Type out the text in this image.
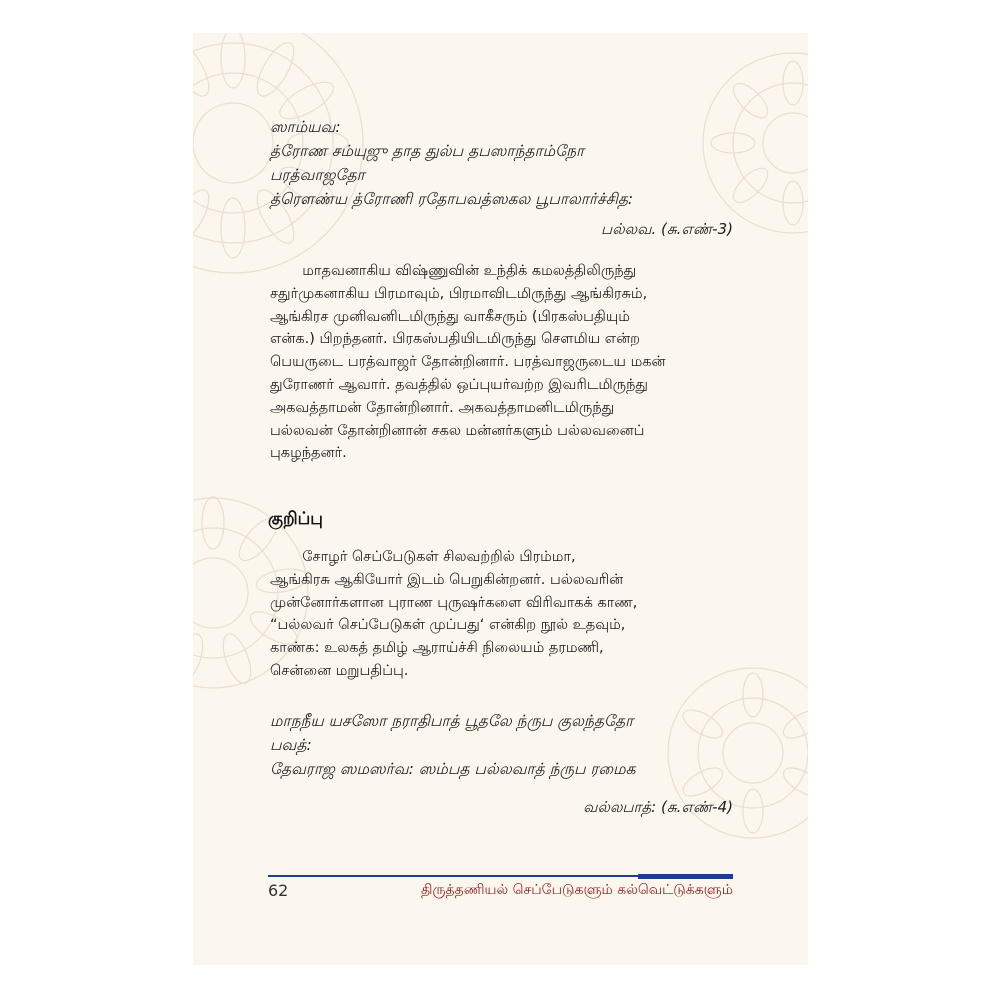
ஸாம்யவ:
த்ரோண சம்யுஜு தாத துல்ப தபஸாந்தாம்நோ
பரத்வாஜதோ
த்ரௌண்ய த்ரோணி ரதோபவத்ஸகல பூபாலார்ச்சித:
பல்லவ. (சு.எண்-3)
மாதவனாகிய விஷ்ணுவின் உந்திக் கமலத்திலிருந்து
சதுர்முகனாகிய பிரமாவும், பிரமாவிடமிருந்து ஆங்கிரசும்,
ஆங்கிரச முனிவனிடமிருந்து வாகீசரும் (பிரகஸ்பதியும்
என்க.) பிறந்தனர். பிரகஸ்பதியிடமிருந்து சௌமிய என்ற
பெயருடை பரத்வாஜர் தோன்றினார். பரத்வாஜருடைய மகன்
துரோணர் ஆவார். தவத்தில் ஒப்புயர்வற்ற இவரிடமிருந்து
அகவத்தாமன் தோன்றினார். அகவத்தாமனிடமிருந்து
பல்லவன் தோன்றினான் சகல மன்னர்களும் பல்லவனைப்
புகழந்தனர்.
குறிப்பு
சோழர் செப்பேடுகள் சிலவற்றில் பிரம்மா,
ஆங்கிரசு ஆகியோர் இடம் பெறுகின்றனர். பல்லவரின்
முன்னோர்களான புராண புருஷர்களை விரிவாகக் காண,
“பல்லவர் செப்பேடுகள் முப்பது‘ என்கிற நூல் உதவும்,
காண்க: உலகத் தமிழ் ஆராய்ச்சி நிலையம் தரமணி,
சென்னை மறுபதிப்பு.
மாநநீய யசஸோ நராதிபாத் பூதலே ந்ருப குலந்ததோ
பவத்:
தேவராஜ ஸமஸர்வ: ஸம்பத பல்லவாத் ந்ருப ரமைக
வல்லபாத்: (சு.எண்-4)
62	திருத்தணியல் செப்பேடுகளும் கல்வெட்டுக்களும்
